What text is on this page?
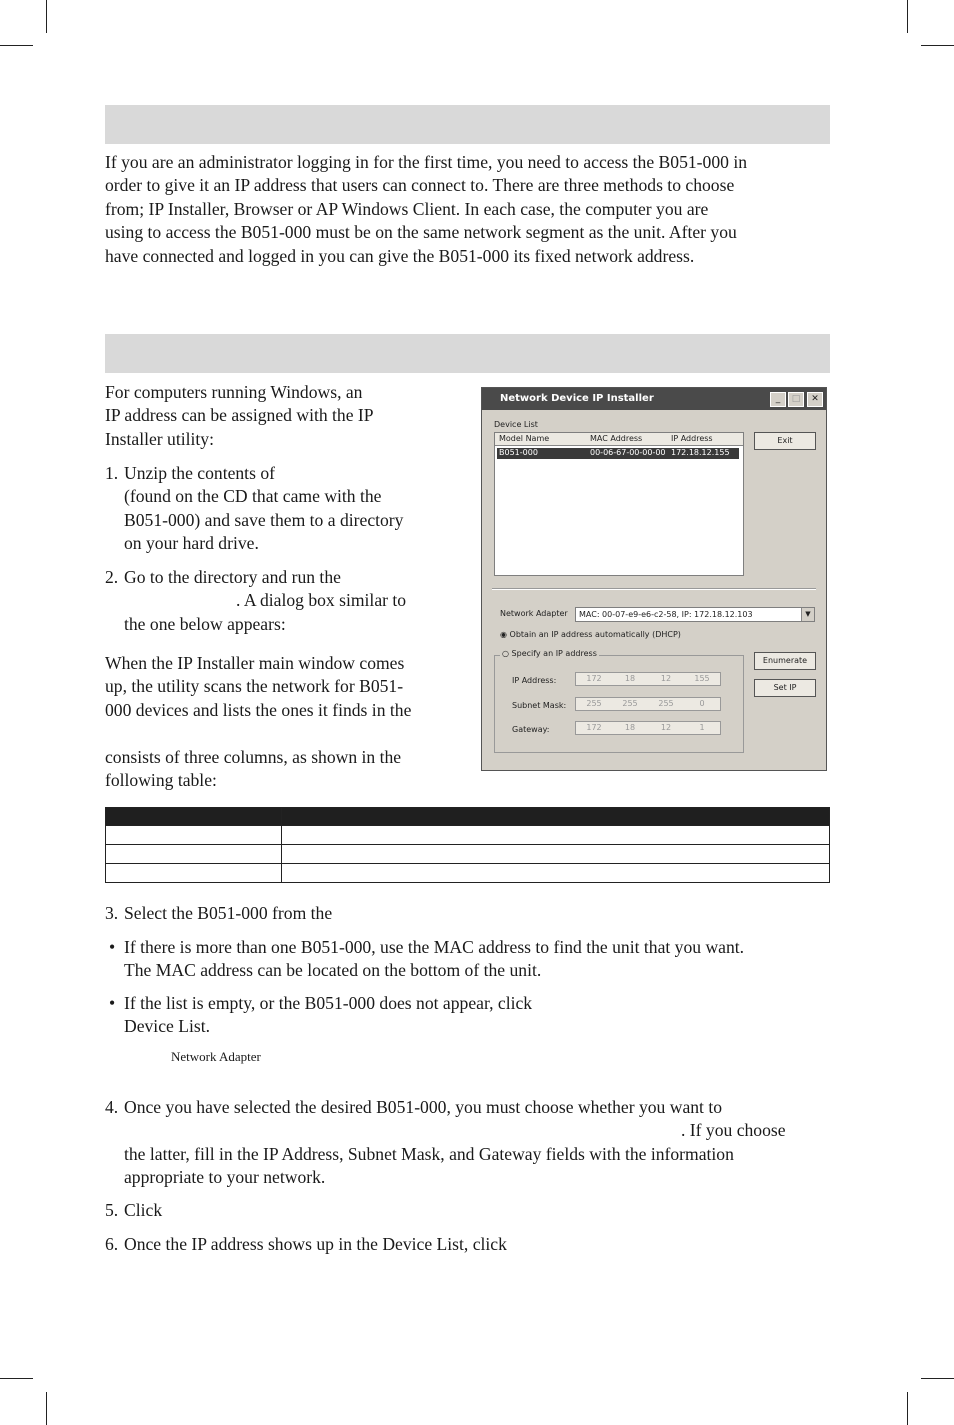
If you are an administrator logging in for the first time, you need to access the B051-000 in
order to give it an IP address that users can connect to. There are three methods to choose
from; IP Installer, Browser or AP Windows Client. In each case, the computer you are
using to access the B051-000 must be on the same network segment as the unit. After you
have connected and logged in you can give the B051-000 its fixed network address.
For computers running Windows, an
IP address can be assigned with the IP
Installer utility:
1. Unzip the contents of
(found on the CD that came with the
B051-000) and save them to a directory
on your hard drive.
2. Go to the directory and run the
. A dialog box similar to
the one below appears:
When the IP Installer main window comes
up, the utility scans the network for B051-
000 devices and lists the ones it finds in the
consists of three columns, as shown in the
following table:
Network Device IP Installer	_	□	✕
Device List
Model Name	MAC Address	IP Address
B051-000	00-06-67-00-00-00 172.18.12.155
Exit
Network Adapter MAC: 00-07-e9-e6-c2-58, IP: 172.18.12.103	▼
◉ Obtain an IP address automatically (DHCP)
○ Specify an IP address
IP Address:	172	18	12	155
Subnet Mask:	255	255	255	0
Gateway:	172	18	12	1
Enumerate
Set IP

3. Select the B051-000 from the
• If there is more than one B051-000, use the MAC address to find the unit that you want.
The MAC address can be located on the bottom of the unit.
• If the list is empty, or the B051-000 does not appear, click
Device List.
Network Adapter
4. Once you have selected the desired B051-000, you must choose whether you want to
. If you choose
the latter, fill in the IP Address, Subnet Mask, and Gateway fields with the information
appropriate to your network.
5. Click
6. Once the IP address shows up in the Device List, click
